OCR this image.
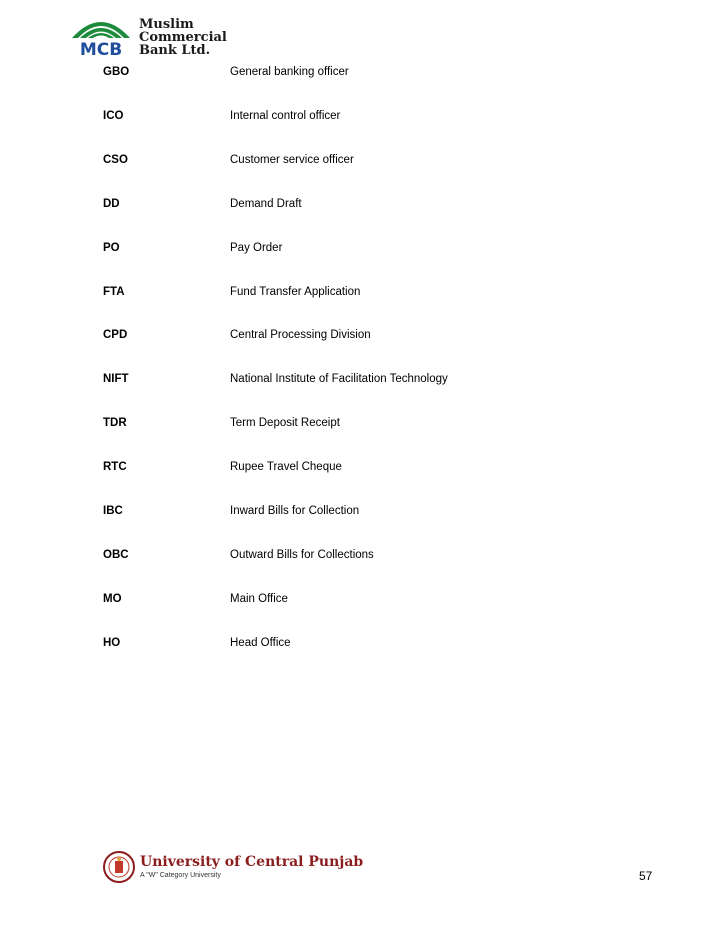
MCB
Muslim
Commercial
Bank Ltd.
GBO	General banking officer
ICO	Internal control officer
CSO	Customer service officer
DD	Demand Draft
PO	Pay Order
FTA	Fund Transfer Application
CPD	Central Processing Division
NIFT	National Institute of Facilitation Technology
TDR	Term Deposit Receipt
RTC	Rupee Travel Cheque
IBC	Inward Bills for Collection
OBC	Outward Bills for Collections
MO	Main Office
HO	Head Office
University of Central Punjab
A "W" Category University	57
